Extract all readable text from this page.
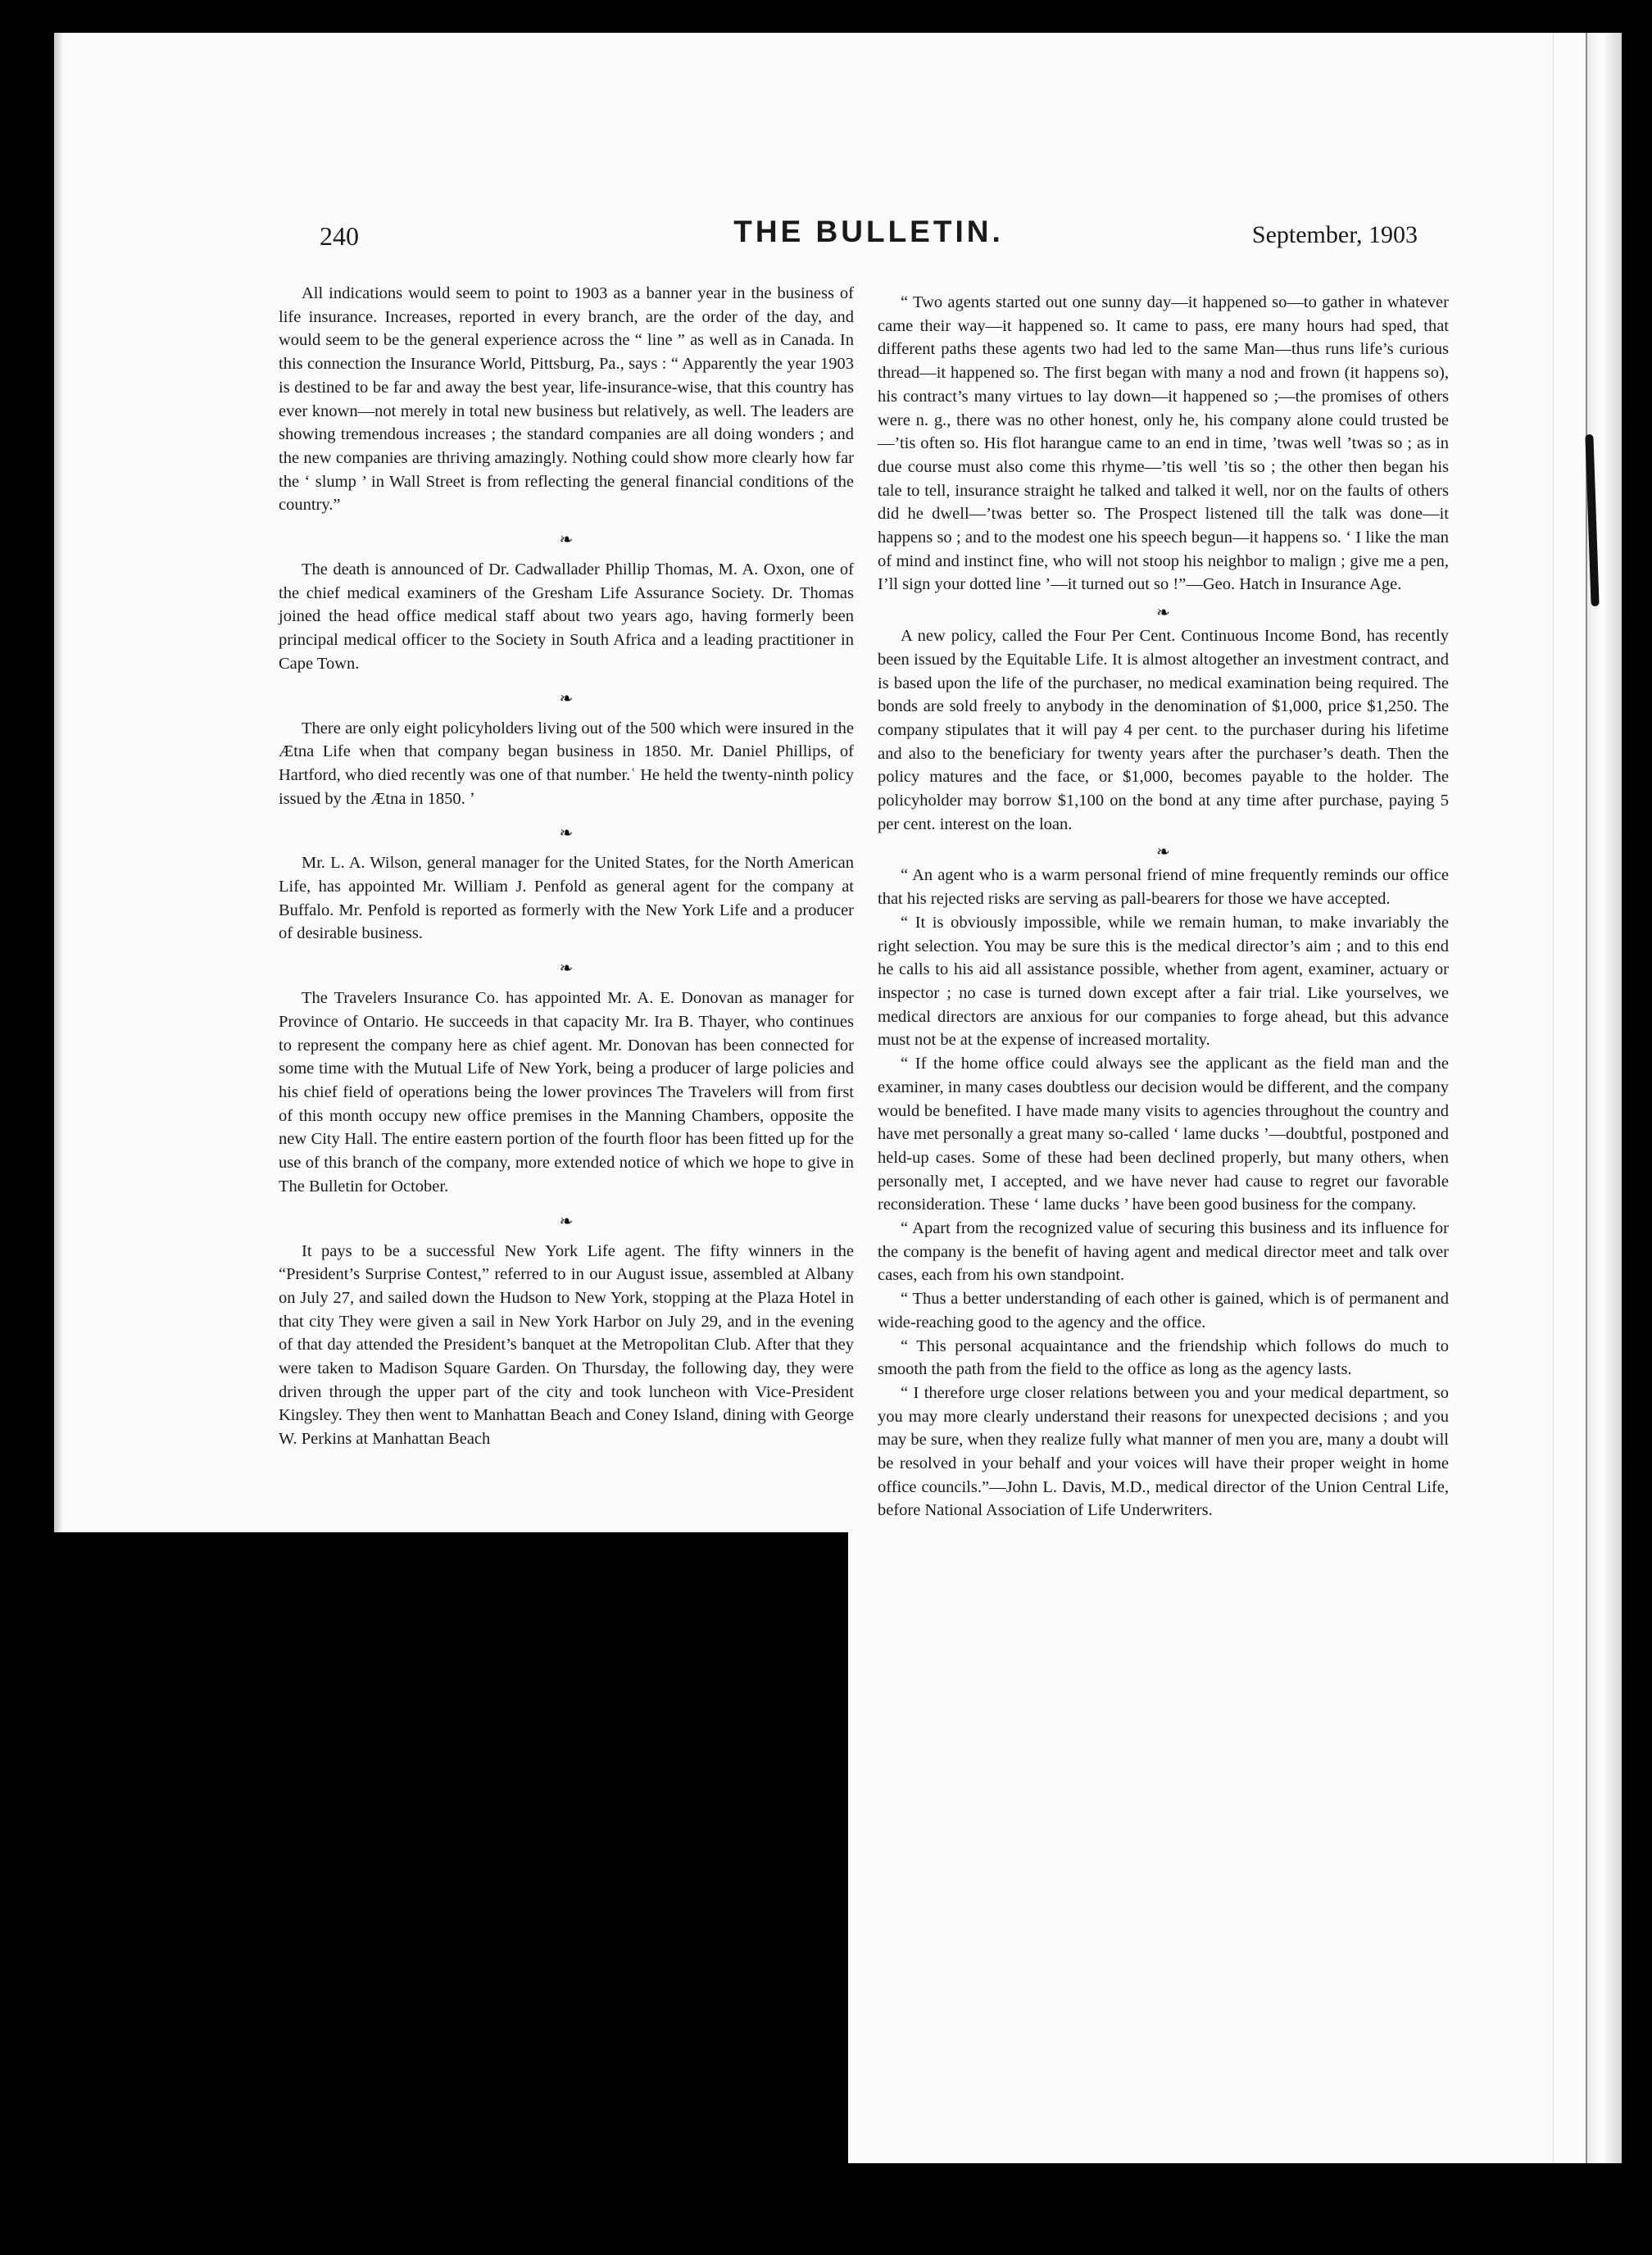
240	THE BULLETIN.	September, 1903

All indications would seem to point to 1903 as a banner year in the business of life insurance. Increases, reported in every branch, are the order of the day, and would seem to be the general experience across the “ line ” as well as in Canada. In this connection the Insurance World, Pittsburg, Pa., says : “ Apparently the year 1903 is destined to be far and away the best year, life-insurance-wise, that this country has ever known—not merely in total new business but relatively, as well. The leaders are showing tremendous increases ; the standard companies are all doing wonders ; and the new companies are thriving amazingly. Nothing could show more clearly how far the ‘ slump ’ in Wall Street is from reflecting the general financial conditions of the country.”

❧

The death is announced of Dr. Cadwallader Phillip Thomas, M. A. Oxon, one of the chief medical examiners of the Gresham Life Assurance Society. Dr. Thomas joined the head office medical staff about two years ago, having formerly been principal medical officer to the Society in South Africa and a leading practitioner in Cape Town.

❧

There are only eight policyholders living out of the 500 which were insured in the Ætna Life when that company began business in 1850. Mr. Daniel Phillips, of Hartford, who died recently was one of that number.ʿ He held the twenty-ninth policy issued by the Ætna in 1850. ʼ

❧

Mr. L. A. Wilson, general manager for the United States, for the North American Life, has appointed Mr. William J. Penfold as general agent for the company at Buffalo. Mr. Penfold is reported as formerly with the New York Life and a producer of desirable business.

❧

The Travelers Insurance Co. has appointed Mr. A. E. Donovan as manager for Province of Ontario. He succeeds in that capacity Mr. Ira B. Thayer, who continues to represent the company here as chief agent. Mr. Donovan has been connected for some time with the Mutual Life of New York, being a producer of large policies and his chief field of operations being the lower provinces The Travelers will from first of this month occupy new office premises in the Manning Chambers, opposite the new City Hall. The entire eastern portion of the fourth floor has been fitted up for the use of this branch of the company, more extended notice of which we hope to give in The Bulletin for October.

❧

It pays to be a successful New York Life agent. The fifty winners in the “President’s Surprise Contest,” referred to in our August issue, assembled at Albany on July 27, and sailed down the Hudson to New York, stopping at the Plaza Hotel in that city They were given a sail in New York Harbor on July 29, and in the evening of that day attended the President’s banquet at the Metropolitan Club. After that they were taken to Madison Square Garden. On Thursday, the following day, they were driven through the upper part of the city and took luncheon with Vice-President Kingsley. They then went to Manhattan Beach and Coney Island, dining with George W. Perkins at Manhattan Beach

“ Two agents started out one sunny day—it happened so—to gather in whatever came their way—it happened so. It came to pass, ere many hours had sped, that different paths these agents two had led to the same Man—thus runs life’s curious thread—it happened so. The first began with many a nod and frown (it happens so), his contract’s many virtues to lay down—it happened so ;—the promises of others were n. g., there was no other honest, only he, his company alone could trusted be—’tis often so. His flot harangue came to an end in time, ’twas well ’twas so ; as in due course must also come this rhyme—’tis well ’tis so ; the other then began his tale to tell, insurance straight he talked and talked it well, nor on the faults of others did he dwell—’twas better so. The Prospect listened till the talk was done—it happens so ; and to the modest one his speech begun—it happens so. ‘ I like the man of mind and instinct fine, who will not stoop his neighbor to malign ; give me a pen, I’ll sign your dotted line ’—it turned out so !”—Geo. Hatch in Insurance Age.

❧

A new policy, called the Four Per Cent. Continuous Income Bond, has recently been issued by the Equitable Life. It is almost altogether an investment contract, and is based upon the life of the purchaser, no medical examination being required. The bonds are sold freely to anybody in the denomination of $1,000, price $1,250. The company stipulates that it will pay 4 per cent. to the purchaser during his lifetime and also to the beneficiary for twenty years after the purchaser’s death. Then the policy matures and the face, or $1,000, becomes payable to the holder. The policyholder may borrow $1,100 on the bond at any time after purchase, paying 5 per cent. interest on the loan.

❧

“ An agent who is a warm personal friend of mine frequently reminds our office that his rejected risks are serving as pall-bearers for those we have accepted.

“ It is obviously impossible, while we remain human, to make invariably the right selection. You may be sure this is the medical director’s aim ; and to this end he calls to his aid all assistance possible, whether from agent, examiner, actuary or inspector ; no case is turned down except after a fair trial. Like yourselves, we medical directors are anxious for our companies to forge ahead, but this advance must not be at the expense of increased mortality.

“ If the home office could always see the applicant as the field man and the examiner, in many cases doubtless our decision would be different, and the company would be benefited. I have made many visits to agencies throughout the country and have met personally a great many so-called ‘ lame ducks ’—doubtful, postponed and held-up cases. Some of these had been declined properly, but many others, when personally met, I accepted, and we have never had cause to regret our favorable reconsideration. These ‘ lame ducks ’ have been good business for the company.

“ Apart from the recognized value of securing this business and its influence for the company is the benefit of having agent and medical director meet and talk over cases, each from his own standpoint.

“ Thus a better understanding of each other is gained, which is of permanent and wide-reaching good to the agency and the office.

“ This personal acquaintance and the friendship which follows do much to smooth the path from the field to the office as long as the agency lasts.

“ I therefore urge closer relations between you and your medical department, so you may more clearly understand their reasons for unexpected decisions ; and you may be sure, when they realize fully what manner of men you are, many a doubt will be resolved in your behalf and your voices will have their proper weight in home office councils.”—John L. Davis, M.D., medical director of the Union Central Life, before National Association of Life Underwriters.
